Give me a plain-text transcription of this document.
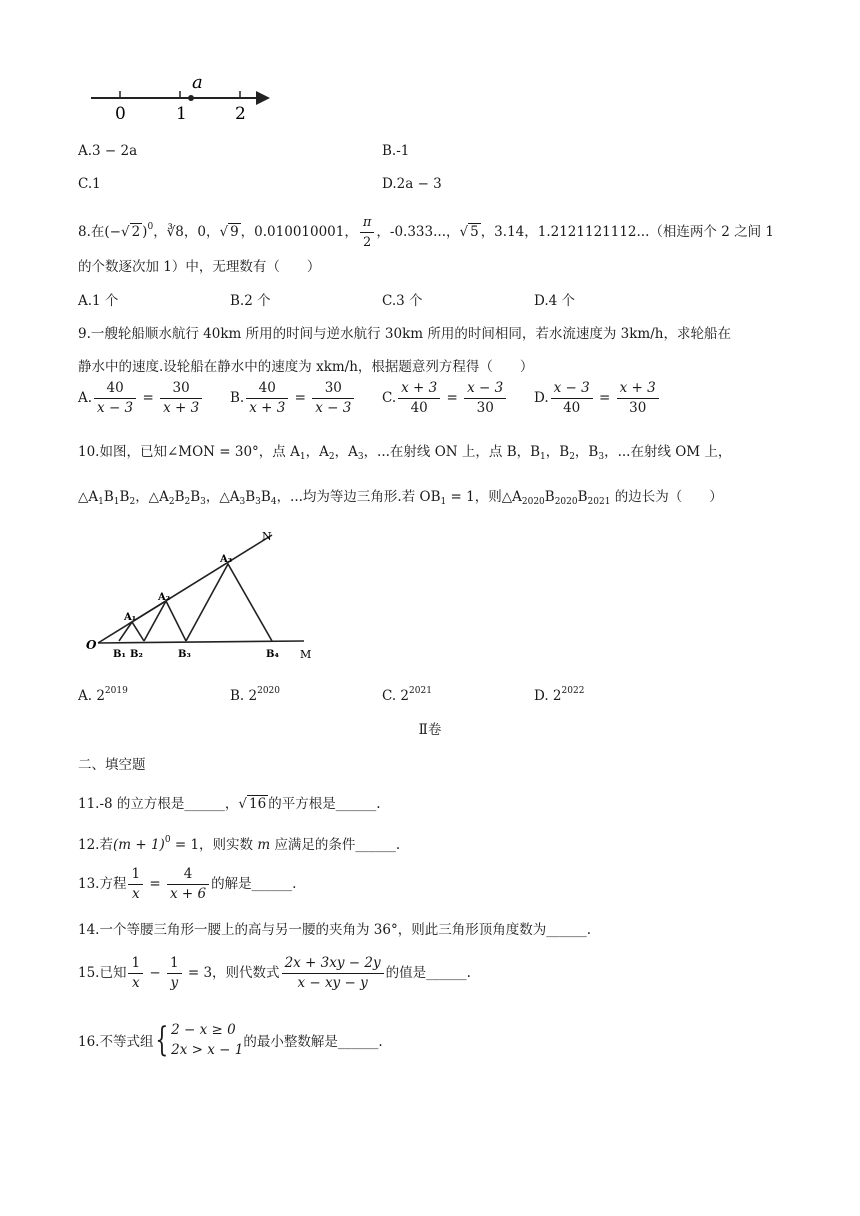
0	1	2
a
A.3 − 2a	B.-1
C.1	D.2a − 3
8.在(−√ 2 )$^0$，∛8，0，√ 9 ，0.010010001， $\frac{\pi}{2}$ ，-0.333...，√ 5 ，3.14，1.2121121112...（相连两个 2 之间 1
的个数逐次加 1）中，无理数有（　　）
A.1 个	B.2 个	C.3 个	D.4 个
9.一艘轮船顺水航行 40km 所用的时间与逆水航行 30km 所用的时间相同，若水流速度为 3km/h，求轮船在
静水中的速度.设轮船在静水中的速度为 xkm/h，根据题意列方程得（　　）
A. $\frac{40}{x - 3} = \frac{30}{x + 3} B$. $\frac{40}{x + 3} = \frac{30}{x - 3} C$. $\frac{x + 3}{40} = \frac{x - 3}{30} D$. $\frac{x - 3}{40} = \frac{x + 3}{30}$
10.如图，已知∠MON = 30°，点 $A_1$，$A_2$，$A_3$，...在射线 ON 上，点 B，$B_1$，$B_2$，$B_3$，...在射线 OM 上，
$\triangle A_1B_1B_2$，$\triangle A_2B_2B_3$，$\triangle A_3B_3B_4$，...均为等边三角形.若 $OB_1 = 1$，则$\triangle A_{2020}B_{2020}B_{2021}$ 的边长为（　　）
O
N
M
A₁
A₂
A₃
B₁ B₂	B₃	B₄
A. $2^{2019}$	B. $2^{2020}$	C. $2^{2021}$	D. $2^{2022}$
Ⅱ卷
二、填空题
11.-8 的立方根是______，√ 16 的平方根是______.
12.若$(m + 1)^0 = 1$，则实数 m 应满足的条件______.
13.方程 $\frac{1}{x} = \frac{4}{x + 6}$ 的解是______.
14.一个等腰三角形一腰上的高与另一腰的夹角为 36°，则此三角形顶角度数为______.
15.已知 $\frac{1}{x} - \frac{1}{y} = 3$，则代数式 $\frac{2x + 3xy - 2y}{x - xy - y}$ 的值是______.
16.不等式组{ 2 − x ≥ 0
2x > x − 1 的最小整数解是______.
